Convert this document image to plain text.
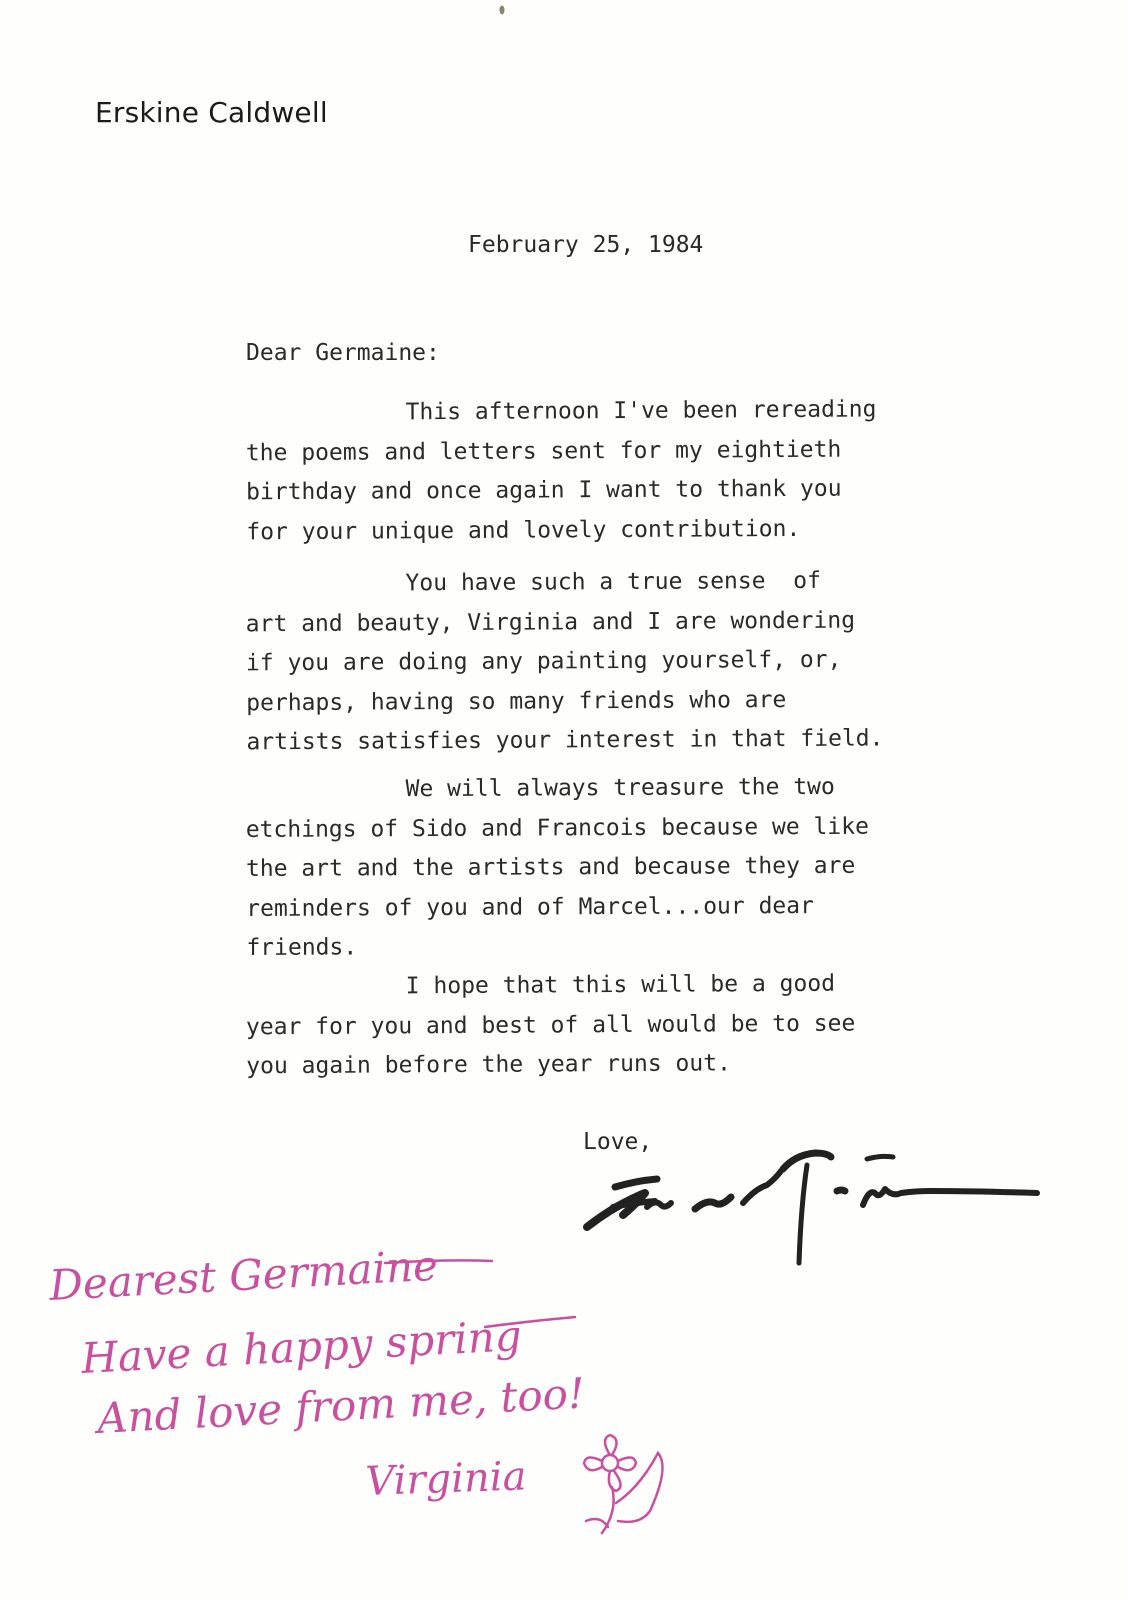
Erskine Caldwell
February 25, 1984
Dear Germaine:
This afternoon I've been rereading
the poems and letters sent for my eightieth
birthday and once again I want to thank you
for your unique and lovely contribution.
You have such a true sense  of
art and beauty, Virginia and I are wondering
if you are doing any painting yourself, or,
perhaps, having so many friends who are
artists satisfies your interest in that field.
We will always treasure the two
etchings of Sido and Francois because we like
the art and the artists and because they are
reminders of you and of Marcel...our dear
friends.
I hope that this will be a good
year for you and best of all would be to see
you again before the year runs out.
Love,
Dearest Germaine
Have a happy spring
And love from me, too!
Virginia
